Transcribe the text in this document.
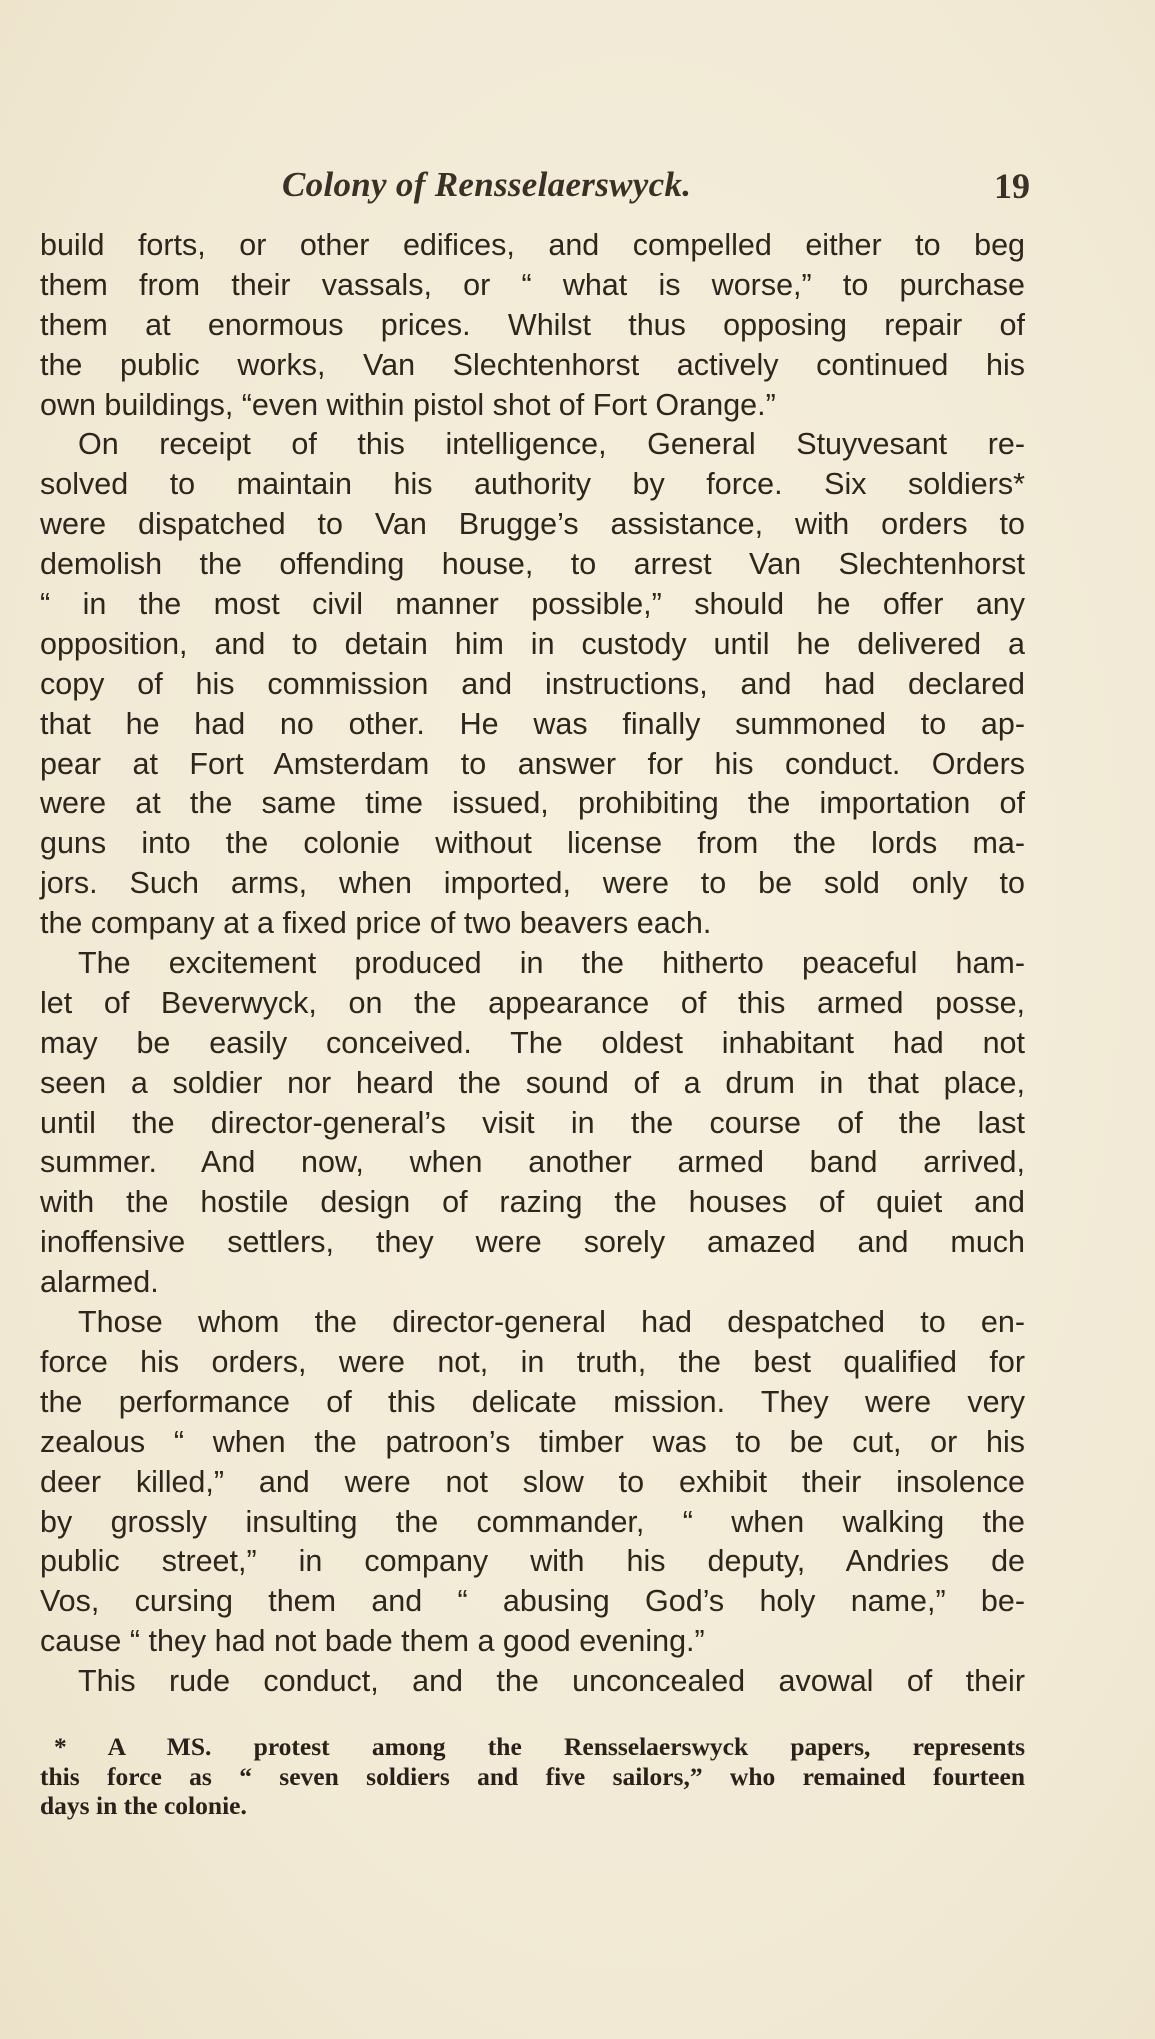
Colony of Rensselaerswyck.	19
build forts, or other edifices, and compelled either to beg
them from their vassals, or “ what is worse,” to purchase
them at enormous prices. Whilst thus opposing repair of
the public works, Van Slechtenhorst actively continued his
own buildings, “even within pistol shot of Fort Orange.”
On receipt of this intelligence, General Stuyvesant re-
solved to maintain his authority by force. Six soldiers*
were dispatched to Van Brugge’s assistance, with orders to
demolish the offending house, to arrest Van Slechtenhorst
“ in the most civil manner possible,” should he offer any
opposition, and to detain him in custody until he delivered a
copy of his commission and instructions, and had declared
that he had no other. He was finally summoned to ap-
pear at Fort Amsterdam to answer for his conduct. Orders
were at the same time issued, prohibiting the importation of
guns into the colonie without license from the lords ma-
jors. Such arms, when imported, were to be sold only to
the company at a fixed price of two beavers each.
The excitement produced in the hitherto peaceful ham-
let of Beverwyck, on the appearance of this armed posse,
may be easily conceived. The oldest inhabitant had not
seen a soldier nor heard the sound of a drum in that place,
until the director-general’s visit in the course of the last
summer. And now, when another armed band arrived,
with the hostile design of razing the houses of quiet and
inoffensive settlers, they were sorely amazed and much
alarmed.
Those whom the director-general had despatched to en-
force his orders, were not, in truth, the best qualified for
the performance of this delicate mission. They were very
zealous “ when the patroon’s timber was to be cut, or his
deer killed,” and were not slow to exhibit their insolence
by grossly insulting the commander, “ when walking the
public street,” in company with his deputy, Andries de
Vos, cursing them and “ abusing God’s holy name,” be-
cause “ they had not bade them a good evening.”
This rude conduct, and the unconcealed avowal of their
* A MS. protest among the Rensselaerswyck papers, represents
this force as “ seven soldiers and five sailors,” who remained fourteen
days in the colonie.
